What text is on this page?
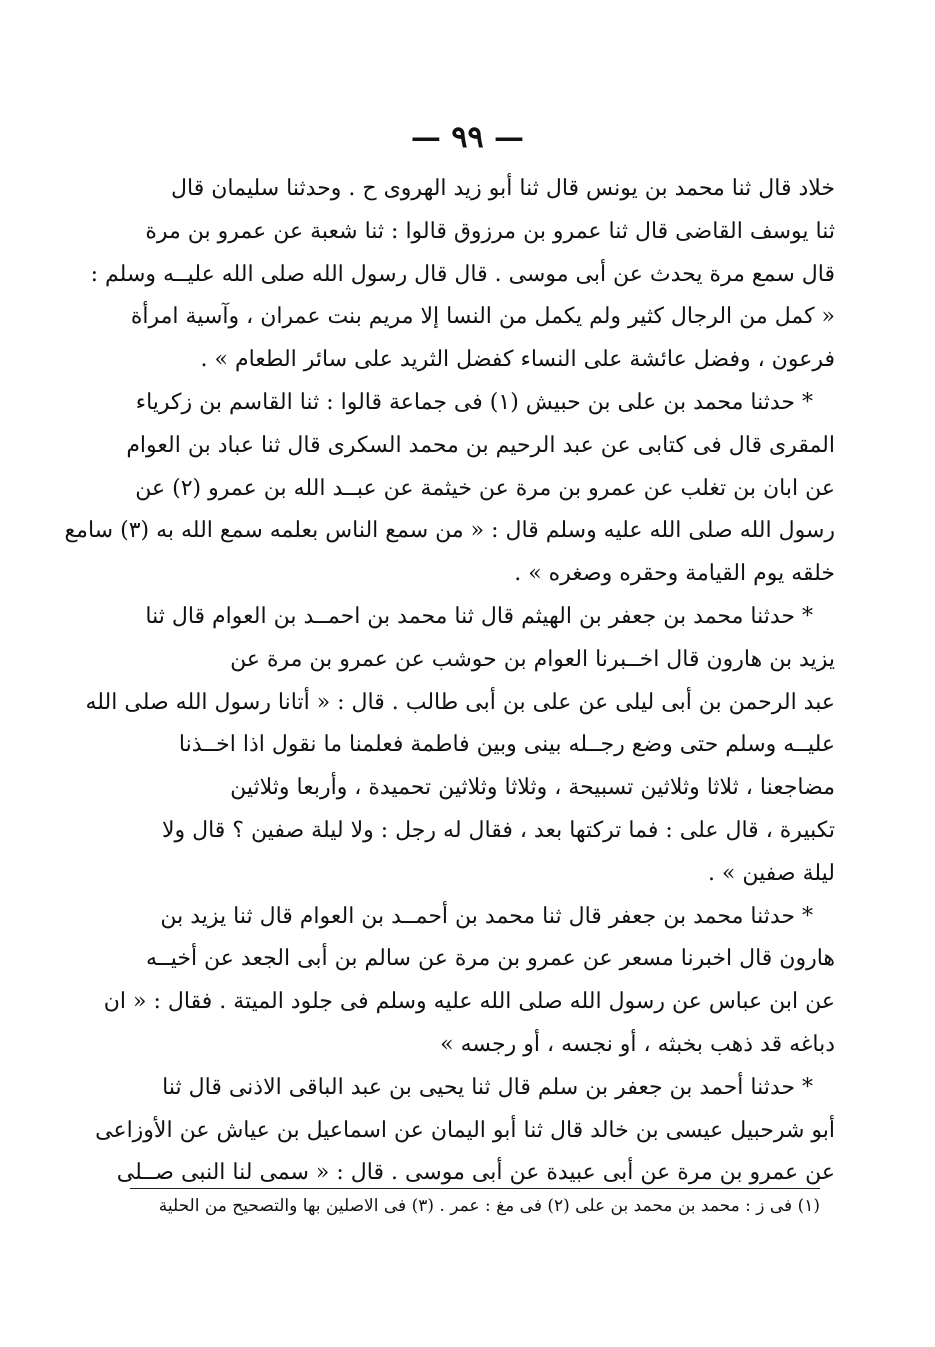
— ٩٩ —
خلاد قال ثنا محمد بن يونس قال ثنا أبو زيد الهروى ح . وحدثنا سليمان قال
ثنا يوسف القاضى قال ثنا عمرو بن مرزوق قالوا : ثنا شعبة عن عمرو بن مرة
قال سمع مرة يحدث عن أبى موسى . قال قال رسول الله صلى الله عليــه وسلم :
« كمل من الرجال كثير ولم يكمل من النسا إلا مريم بنت عمران ، وآسية امرأة
فرعون ، وفضل عائشة على النساء كفضل الثريد على سائر الطعام » .
* حدثنا محمد بن على بن حبيش (١) فى جماعة قالوا : ثنا القاسم بن زكرياء
المقرى قال فى كتابى عن عبد الرحيم بن محمد السكرى قال ثنا عباد بن العوام
عن ابان بن تغلب عن عمرو بن مرة عن خيثمة عن عبــد الله بن عمرو (٢) عن
رسول الله صلى الله عليه وسلم قال : « من سمع الناس بعلمه سمع الله به (٣) سامع
خلقه يوم القيامة وحقره وصغره » .
* حدثنا محمد بن جعفر بن الهيثم قال ثنا محمد بن احمــد بن العوام قال ثنا
يزيد بن هارون قال اخــبرنا العوام بن حوشب عن عمرو بن مرة عن
عبد الرحمن بن أبى ليلى عن على بن أبى طالب . قال : « أتانا رسول الله صلى الله
عليــه وسلم حتى وضع رجــله بينى وبين فاطمة فعلمنا ما نقول اذا اخــذنا
مضاجعنا ، ثلاثا وثلاثين تسبيحة ، وثلاثا وثلاثين تحميدة ، وأربعا وثلاثين
تكبيرة ، قال على : فما تركتها بعد ، فقال له رجل : ولا ليلة صفين ؟ قال ولا
ليلة صفين » .
* حدثنا محمد بن جعفر قال ثنا محمد بن أحمــد بن العوام قال ثنا يزيد بن
هارون قال اخبرنا مسعر عن عمرو بن مرة عن سالم بن أبى الجعد عن أخيــه
عن ابن عباس عن رسول الله صلى الله عليه وسلم فى جلود الميتة . فقال : « ان
دباغه قد ذهب بخبثه ، أو نجسه ، أو رجسه »
* حدثنا أحمد بن جعفر بن سلم قال ثنا يحيى بن عبد الباقى الاذنى قال ثنا
أبو شرحبيل عيسى بن خالد قال ثنا أبو اليمان عن اسماعيل بن عياش عن الأوزاعى
عن عمرو بن مرة عن أبى عبيدة عن أبى موسى . قال : « سمى لنا النبى صــلى
(١) فى ز : محمد بن محمد بن على (٢) فى مغ : عمر . (٣) فى الاصلين بها والتصحيح من الحلية
